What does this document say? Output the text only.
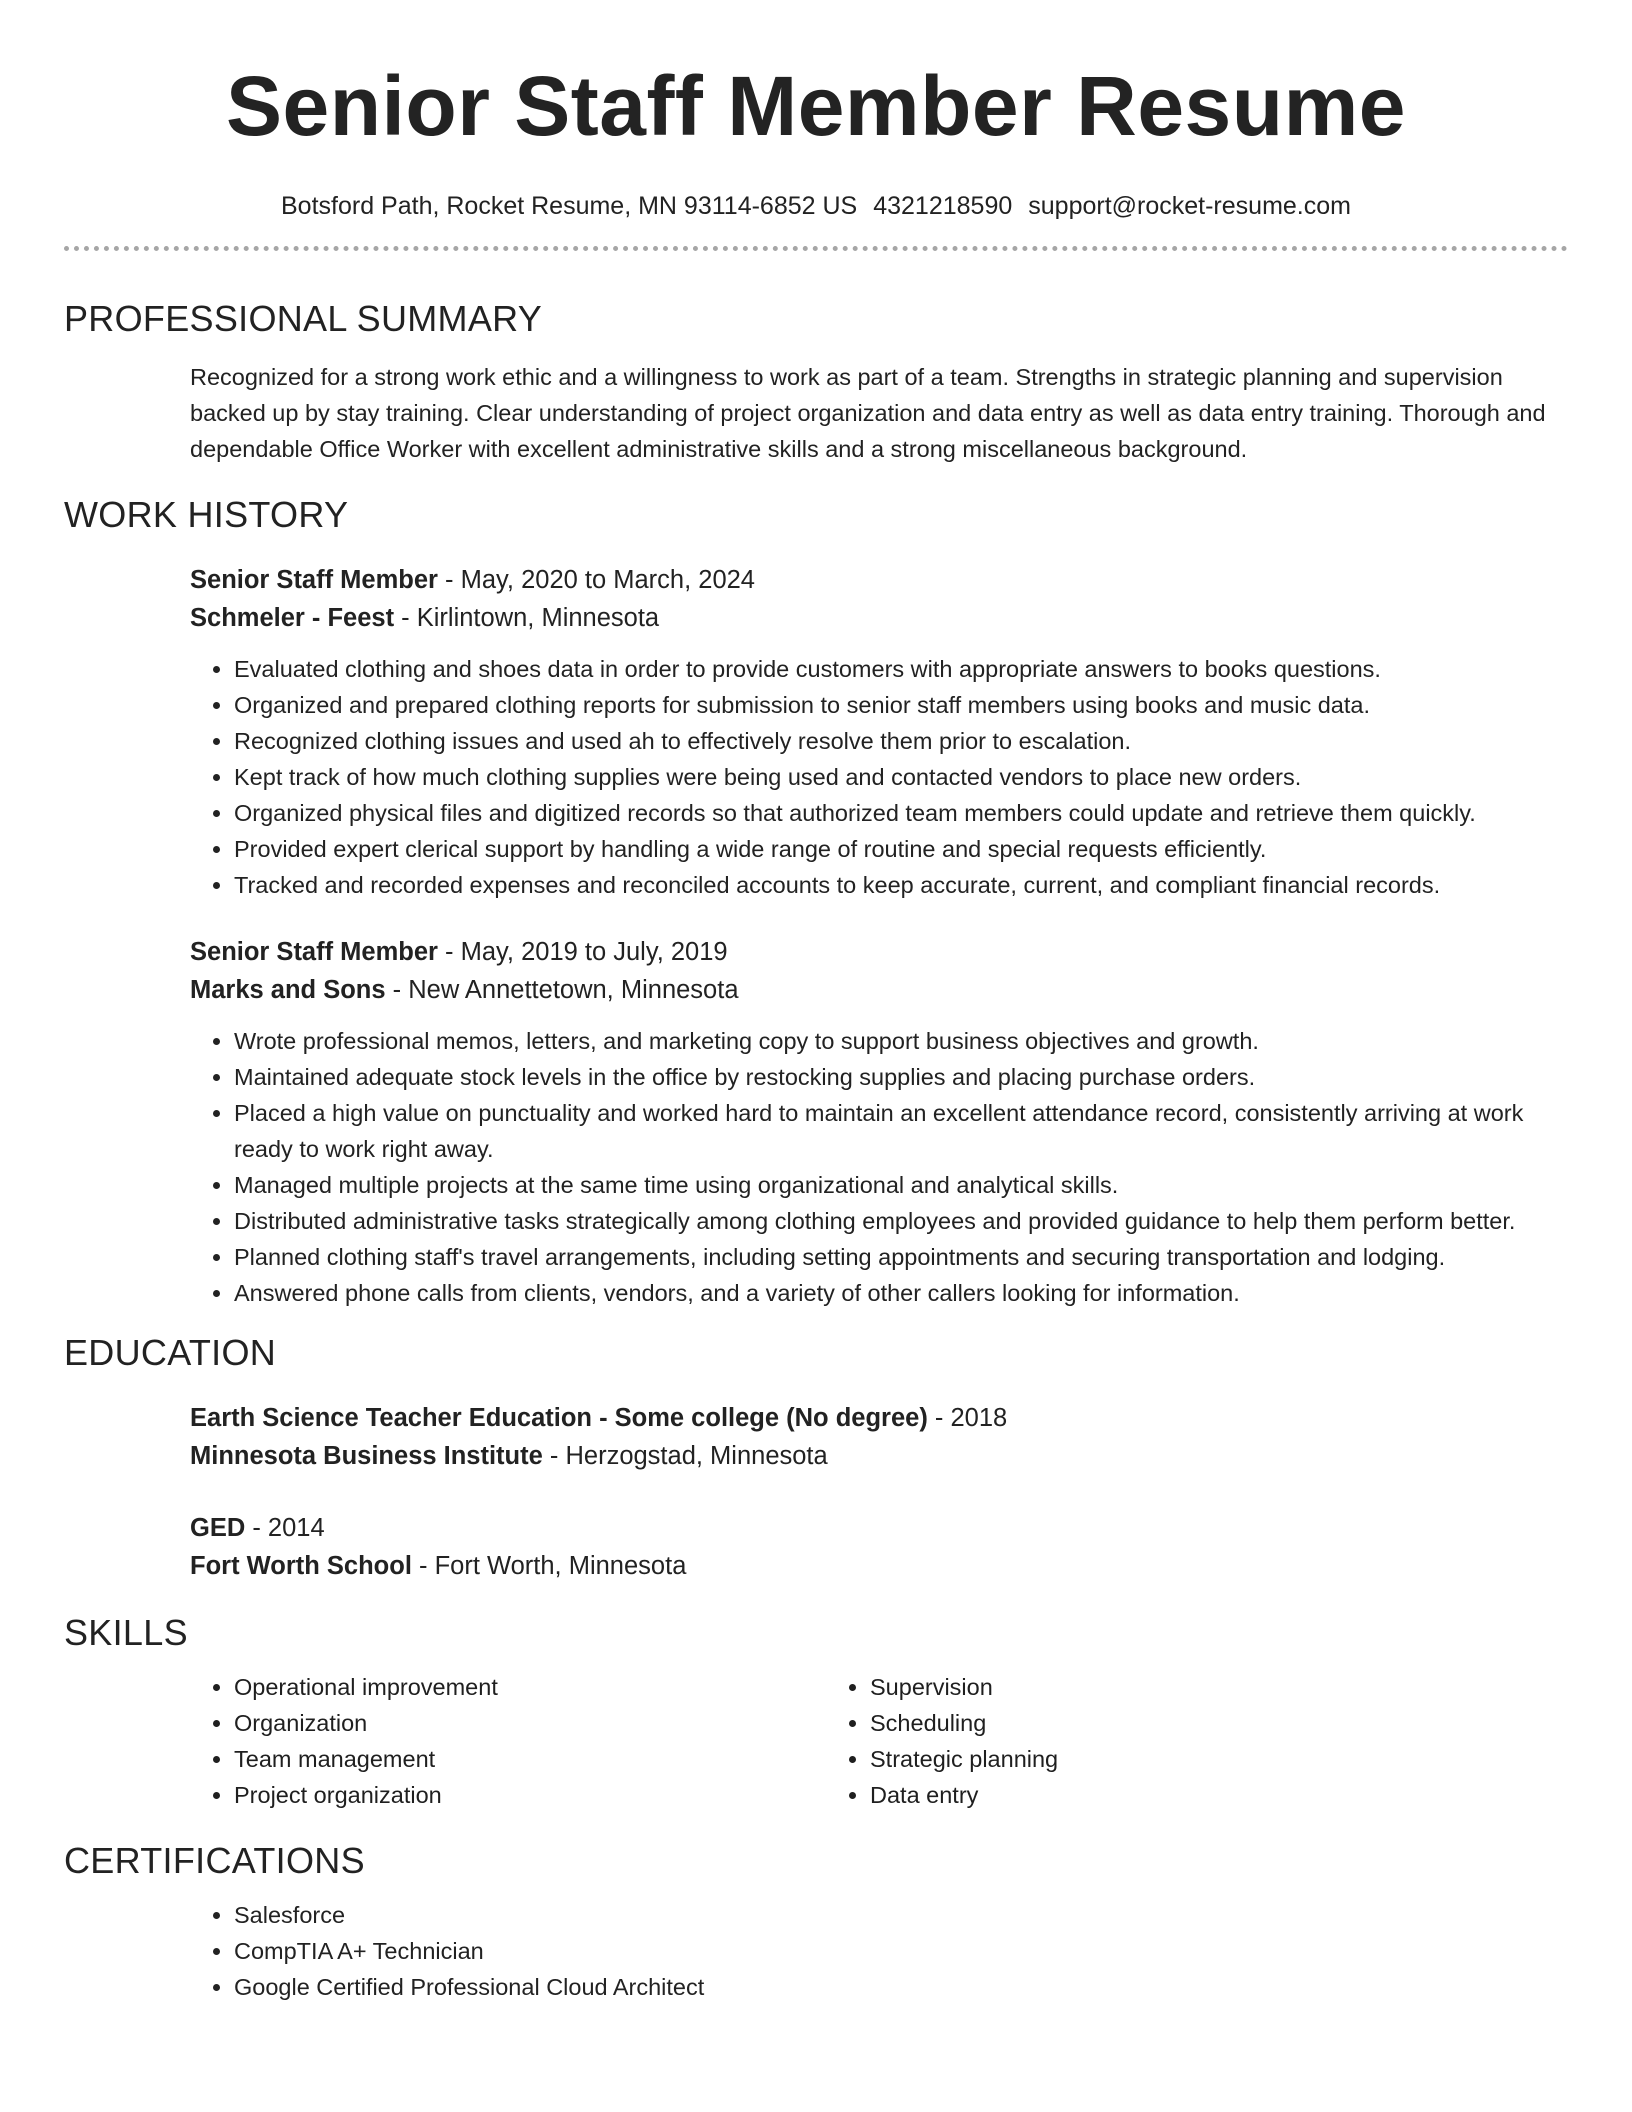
Senior Staff Member Resume
Botsford Path, Rocket Resume, MN 93114-6852 US 4321218590 support@rocket-resume.com
PROFESSIONAL SUMMARY

Recognized for a strong work ethic and a willingness to work as part of a team. Strengths in strategic planning and supervision backed up by stay training. Clear understanding of project organization and data entry as well as data entry training. Thorough and dependable Office Worker with excellent administrative skills and a strong miscellaneous background.

WORK HISTORY
Senior Staff Member - May, 2020 to March, 2024
Schmeler - Feest - Kirlintown, Minnesota
• Evaluated clothing and shoes data in order to provide customers with appropriate answers to books questions.
• Organized and prepared clothing reports for submission to senior staff members using books and music data.
• Recognized clothing issues and used ah to effectively resolve them prior to escalation.
• Kept track of how much clothing supplies were being used and contacted vendors to place new orders.
• Organized physical files and digitized records so that authorized team members could update and retrieve them quickly.
• Provided expert clerical support by handling a wide range of routine and special requests efficiently.
• Tracked and recorded expenses and reconciled accounts to keep accurate, current, and compliant financial records.
Senior Staff Member - May, 2019 to July, 2019
Marks and Sons - New Annettetown, Minnesota
• Wrote professional memos, letters, and marketing copy to support business objectives and growth.
• Maintained adequate stock levels in the office by restocking supplies and placing purchase orders.
• Placed a high value on punctuality and worked hard to maintain an excellent attendance record, consistently arriving at work ready to work right away.
• Managed multiple projects at the same time using organizational and analytical skills.
• Distributed administrative tasks strategically among clothing employees and provided guidance to help them perform better.
• Planned clothing staff's travel arrangements, including setting appointments and securing transportation and lodging.
• Answered phone calls from clients, vendors, and a variety of other callers looking for information.
EDUCATION
Earth Science Teacher Education - Some college (No degree) - 2018
Minnesota Business Institute - Herzogstad, Minnesota
GED - 2014
Fort Worth School - Fort Worth, Minnesota
SKILLS
• Operational improvement
• Organization
• Team management
• Project organization
• Supervision
• Scheduling
• Strategic planning
• Data entry
CERTIFICATIONS
• Salesforce
• CompTIA A+ Technician
• Google Certified Professional Cloud Architect
